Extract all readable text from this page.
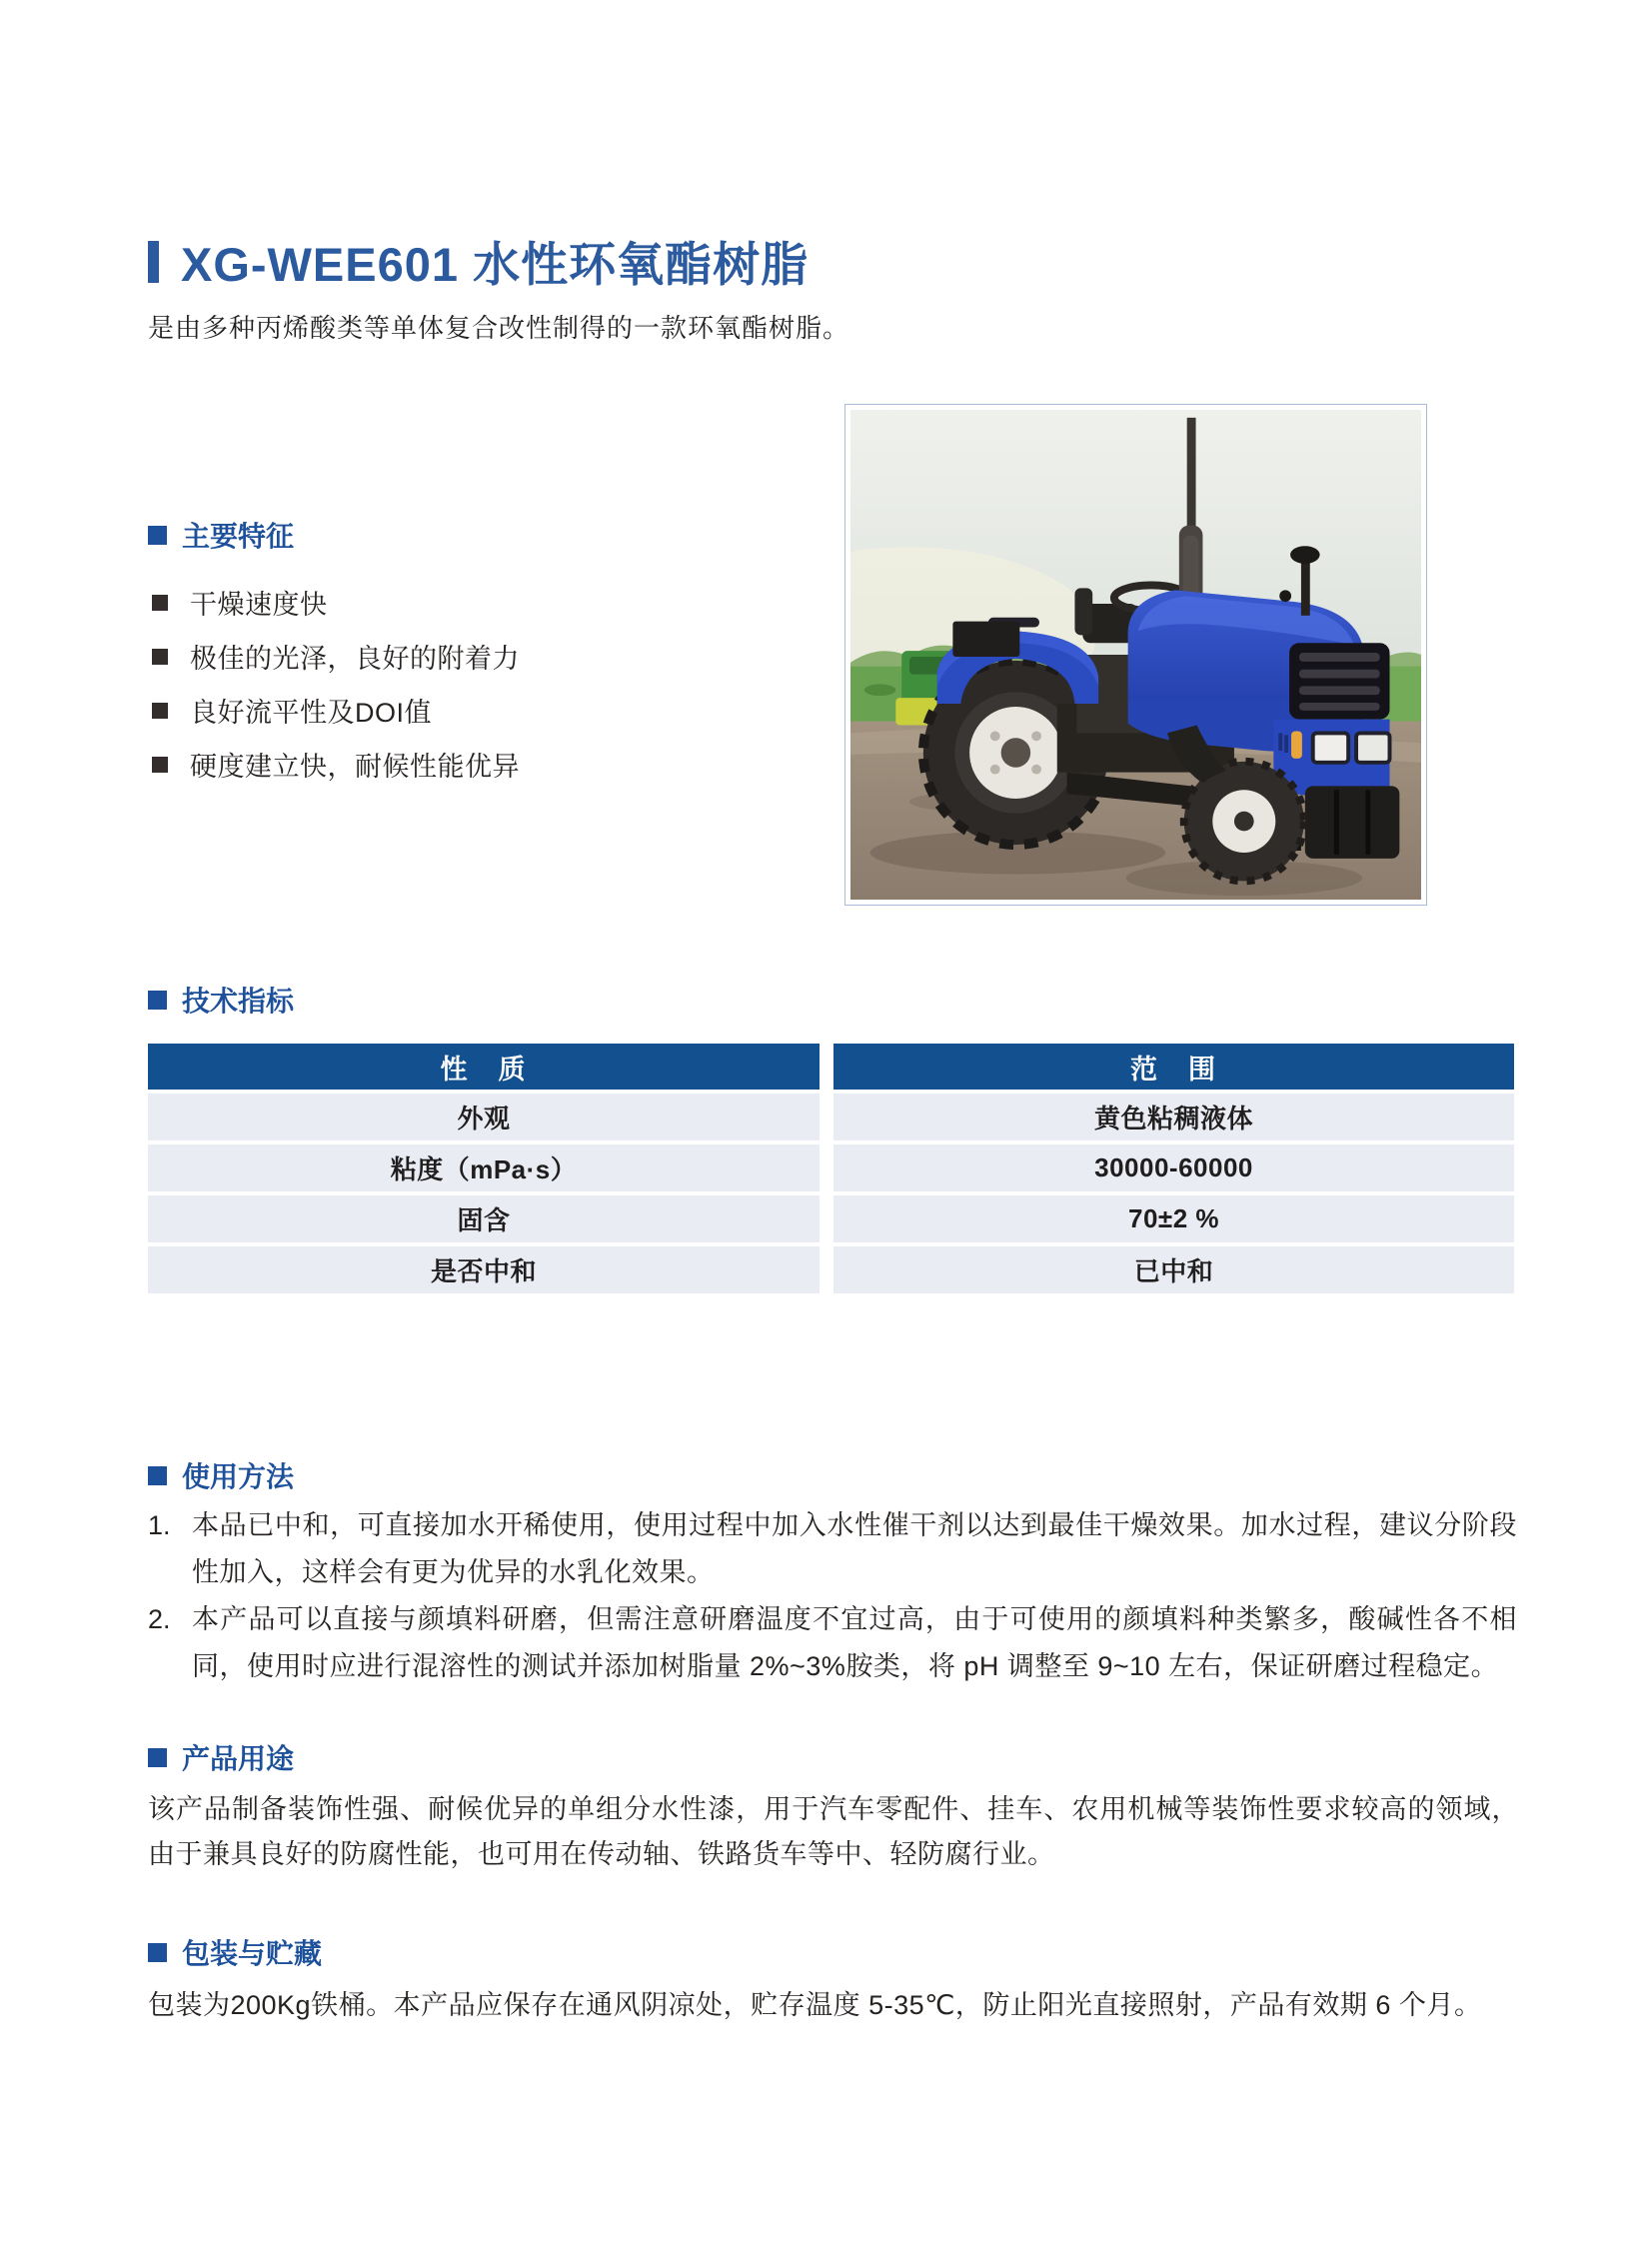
XG-WEE601 水性环氧酯树脂
是由多种丙烯酸类等单体复合改性制得的一款环氧酯树脂。
主要特征
干燥速度快
极佳的光泽，良好的附着力
良好流平性及DOI值
硬度建立快，耐候性能优异
技术指标
性　质	范　围
外观	黄色粘稠液体
粘度（mPa·s）	30000-60000
固含	70±2 %
是否中和	已中和
使用方法
1. 本品已中和，可直接加水开稀使用，使用过程中加入水性催干剂以达到最佳干燥效果。加水过程，建议分阶段性加入，这样会有更为优异的水乳化效果。
2. 本产品可以直接与颜填料研磨，但需注意研磨温度不宜过高，由于可使用的颜填料种类繁多，酸碱性各不相同，使用时应进行混溶性的测试并添加树脂量 2%~3%胺类，将 pH 调整至 9~10 左右，保证研磨过程稳定。
产品用途
该产品制备装饰性强、耐候优异的单组分水性漆，用于汽车零配件、挂车、农用机械等装饰性要求较高的领域，由于兼具良好的防腐性能，也可用在传动轴、铁路货车等中、轻防腐行业。
包装与贮藏
包装为200Kg铁桶。本产品应保存在通风阴凉处，贮存温度 5-35℃，防止阳光直接照射，产品有效期 6 个月。
